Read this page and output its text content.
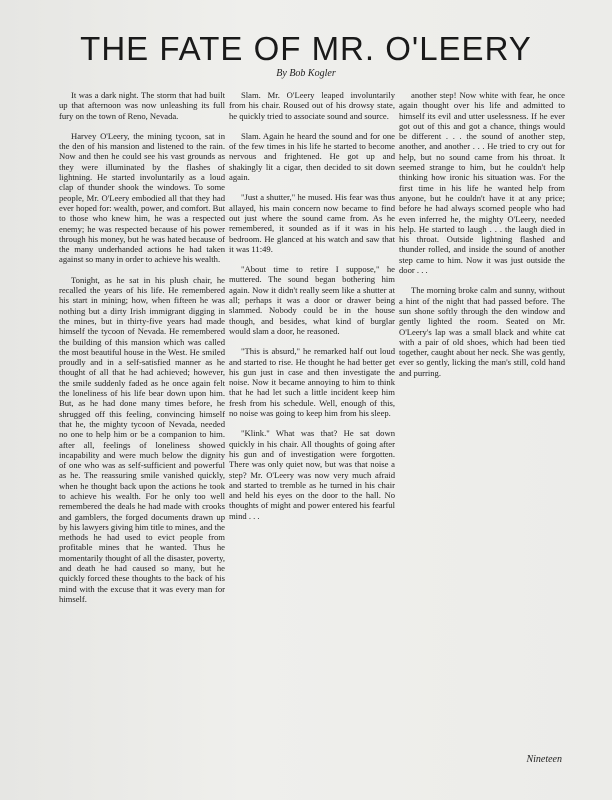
THE FATE OF MR. O'LEERY
By Bob Kogler

It was a dark night. The storm that had built up that afternoon was now unleashing its full fury on the town of Reno, Nevada.

Harvey O'Leery, the mining tycoon, sat in the den of his mansion and listened to the rain. Now and then he could see his vast grounds as they were illuminated by the flashes of lightning. He started involuntarily as a loud clap of thunder shook the windows. To some people, Mr. O'Leery embodied all that they had ever hoped for: wealth, power, and comfort. But to those who knew him, he was a respected enemy; he was respected because of his power through his money, but he was hated because of the many underhanded actions he had taken against so many in order to achieve his wealth.

Tonight, as he sat in his plush chair, he recalled the years of his life. He remembered his start in mining; how, when fifteen he was nothing but a dirty Irish immigrant digging in the mines, but in thirty-five years had made himself the tycoon of Nevada. He remembered the building of this mansion which was called the most beautiful house in the West. He smiled proudly and in a self-satisfied manner as he thought of all that he had achieved; however, the smile suddenly faded as he once again felt the loneliness of his life bear down upon him. But, as he had done many times before, he shrugged off this feeling, convincing himself that he, the mighty tycoon of Nevada, needed no one to help him or be a companion to him. after all, feelings of loneliness showed incapability and were much below the dignity of one who was as self-sufficient and powerful as he. The reassuring smile vanished quickly, when he thought back upon the actions he took to achieve his wealth. For he only too well remembered the deals he had made with crooks and gamblers, the forged documents drawn up by his lawyers giving him title to mines, and the methods he had used to evict people from profitable mines that he wanted. Thus he momentarily thought of all the disaster, poverty, and death he had caused so many, but he quickly forced these thoughts to the back of his mind with the excuse that it was every man for himself.

Slam. Mr. O'Leery leaped involuntarily from his chair. Roused out of his drowsy state, he quickly tried to associate sound and source.

Slam. Again he heard the sound and for one of the few times in his life he started to become nervous and frightened. He got up and shakingly lit a cigar, then decided to sit down again.

"Just a shutter," he mused. His fear was thus allayed, his main concern now became to find out just where the sound came from. As he remembered, it sounded as if it was in his bedroom. He glanced at his watch and saw that it was 11:49.

"About time to retire I suppose," he muttered. The sound began bothering him again. Now it didn't really seem like a shutter at all; perhaps it was a door or drawer being slammed. Nobody could be in the house though, and besides, what kind of burglar would slam a door, he reasoned.

"This is absurd," he remarked half out loud and started to rise. He thought he had better get his gun just in case and then investigate the noise. Now it became annoying to him to think that he had let such a little incident keep him fresh from his schedule. Well, enough of this, no noise was going to keep him from his sleep.

"Klink." What was that? He sat down quickly in his chair. All thoughts of going after his gun and of investigation were forgotten. There was only quiet now, but was that noise a step? Mr. O'Leery was now very much afraid and started to tremble as he turned in his chair and held his eyes on the door to the hall. No thoughts of might and power entered his fearful mind . . .

another step! Now white with fear, he once again thought over his life and admitted to himself its evil and utter uselessness. If he ever got out of this and got a chance, things would be different . . . the sound of another step, another, and another . . . He tried to cry out for help, but no sound came from his throat. It seemed strange to him, but he couldn't help thinking how ironic his situation was. For the first time in his life he wanted help from anyone, but he couldn't have it at any price; before he had always scorned people who had even inferred he, the mighty O'Leery, needed help. He started to laugh . . . the laugh died in his throat. Outside lightning flashed and thunder rolled, and inside the sound of another step came to him. Now it was just outside the door . . .

The morning broke calm and sunny, without a hint of the night that had passed before. The sun shone softly through the den window and gently lighted the room. Seated on Mr. O'Leery's lap was a small black and white cat with a pair of old shoes, which had been tied together, caught about her neck. She was gently, ever so gently, licking the man's still, cold hand and purring.

Nineteen
